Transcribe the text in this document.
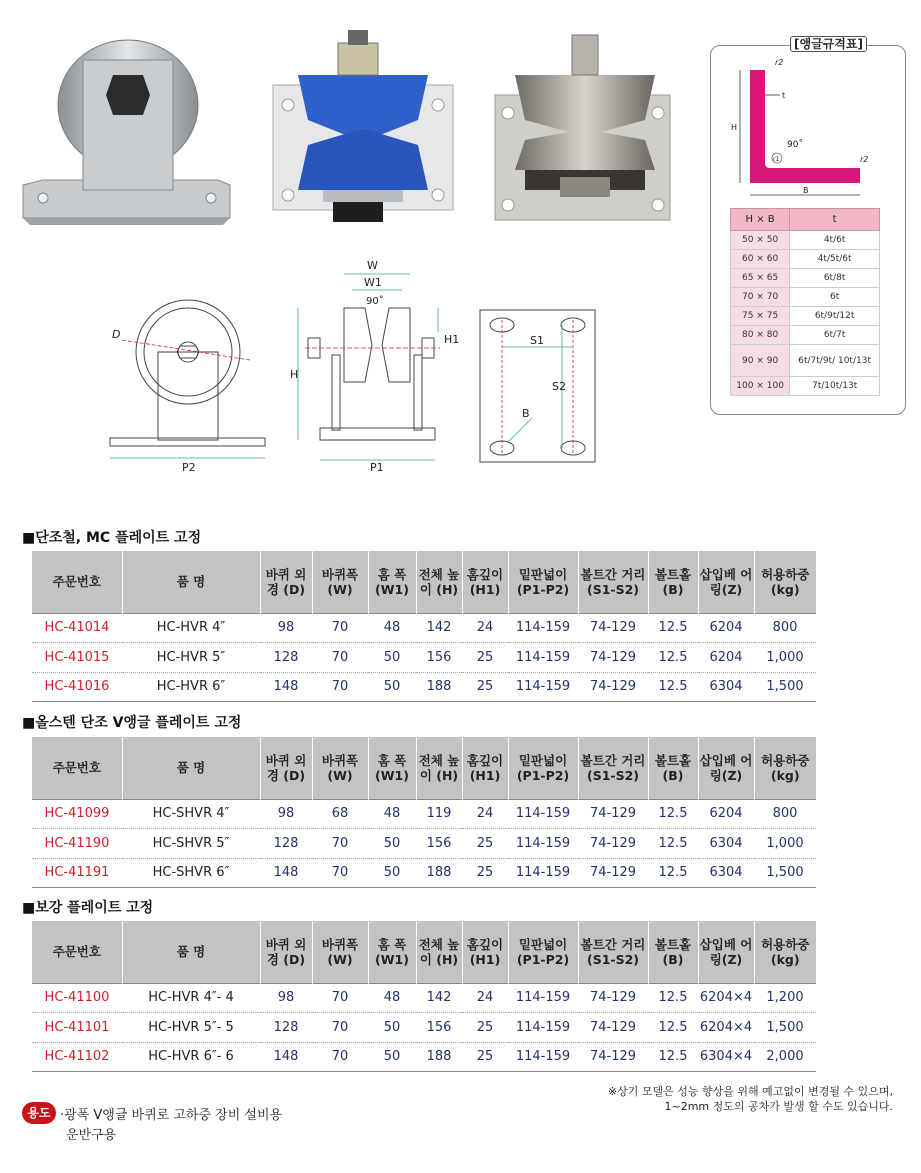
D
P2
W
W1
90˚
H
H1
P1
S1
S2
B
[앵글규격표]
r2
t
H
90˚
r1	r2
B
H × B	t
50 × 50	4t/6t
60 × 60	4t/5t/6t
65 × 65	6t/8t
70 × 70	6t
75 × 75	6t/9t/12t
80 × 80	6t/7t
90 × 90	6t/7t/9t/ 10t/13t
100 × 100	7t/10t/13t
■단조철, MC 플레이트 고정
주문번호	품 명	바퀴 외경 (D)	바퀴폭 (W)	홈 폭 (W1)	전체 높이 (H)	홈깊이 (H1)	밑판넓이 (P1-P2)	볼트간 거리 (S1-S2)	볼트홀 (B)	삽입베 어링(Z)	허용하중 (kg)
HC-41014	HC-HVR 4″	98	70	48	142	24	114-159	74-129	12.5	6204	800
HC-41015	HC-HVR 5″	128	70	50	156	25	114-159	74-129	12.5	6204	1,000
HC-41016	HC-HVR 6″	148	70	50	188	25	114-159	74-129	12.5	6304	1,500
■올스텐 단조 V앵글 플레이트 고정
주문번호	품 명	바퀴 외경 (D)	바퀴폭 (W)	홈 폭 (W1)	전체 높이 (H)	홈깊이 (H1)	밑판넓이 (P1-P2)	볼트간 거리 (S1-S2)	볼트홀 (B)	삽입베 어링(Z)	허용하중 (kg)
HC-41099	HC-SHVR 4″	98	68	48	119	24	114-159	74-129	12.5	6204	800
HC-41190	HC-SHVR 5″	128	70	50	156	25	114-159	74-129	12.5	6304	1,000
HC-41191	HC-SHVR 6″	148	70	50	188	25	114-159	74-129	12.5	6304	1,500
■보강 플레이트 고정
주문번호	품 명	바퀴 외경 (D)	바퀴폭 (W)	홈 폭 (W1)	전체 높이 (H)	홈깊이 (H1)	밑판넓이 (P1-P2)	볼트간 거리 (S1-S2)	볼트홀 (B)	삽입베 어링(Z)	허용하중 (kg)
HC-41100	HC-HVR 4″- 4	98	70	48	142	24	114-159	74-129	12.5	6204×4	1,200
HC-41101	HC-HVR 5″- 5	128	70	50	156	25	114-159	74-129	12.5	6204×4	1,500
HC-41102	HC-HVR 6″- 6	148	70	50	188	25	114-159	74-129	12.5	6304×4	2,000
용도 ·광폭 V앵글 바퀴로 고하중 장비 설비용
운반구용
※상기 모델은 성능 향상을 위해 예고없이 변경될 수 있으며,
1~2mm 정도의 공차가 발생 할 수도 있습니다.
